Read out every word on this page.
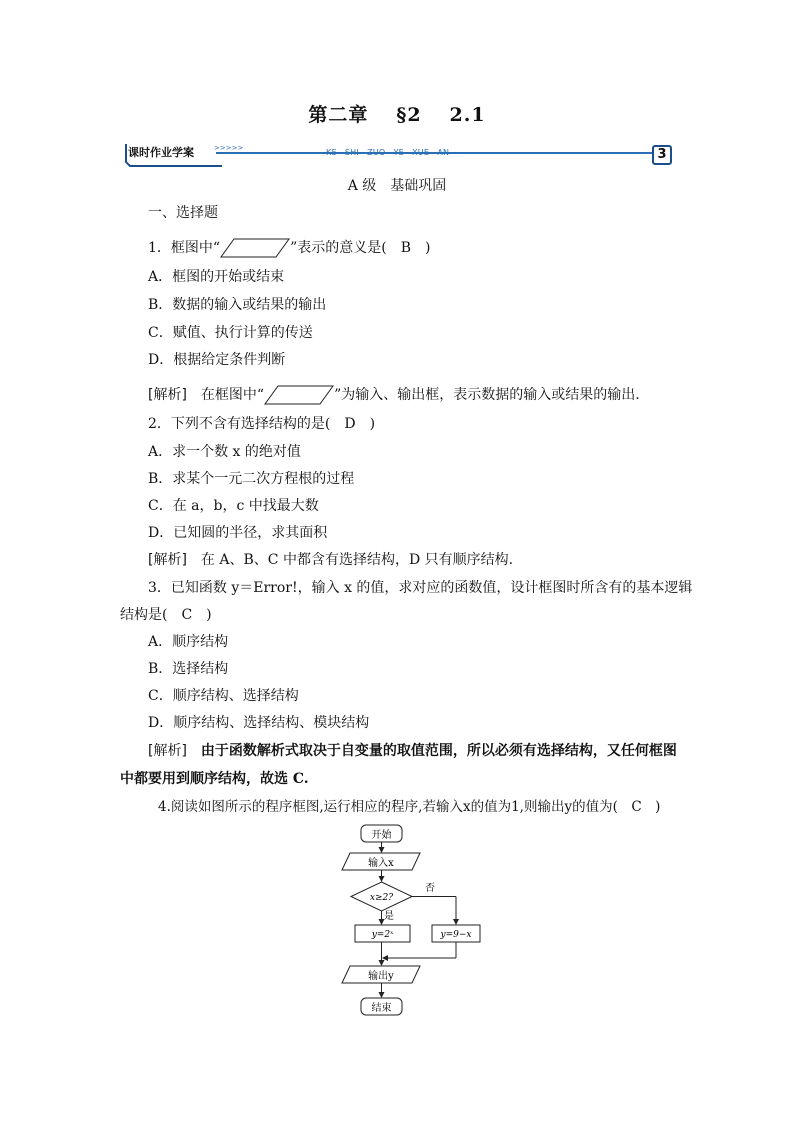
第二章 §2 2.1
课时作业学案	>>>>>	KE—SHI—ZUO—YE—XUE—AN	3
A 级　基础巩固
一、选择题
1．框图中“	”表示的意义是(　B　)
A．框图的开始或结束
B．数据的输入或结果的输出
C．赋值、执行计算的传送
D．根据给定条件判断
[解析]　在框图中“	”为输入、输出框，表示数据的输入或结果的输出.
2．下列不含有选择结构的是(　D　)
A．求一个数 x 的绝对值
B．求某个一元二次方程根的过程
C．在 a，b，c 中找最大数
D．已知圆的半径，求其面积
[解析]　在 A、B、C 中都含有选择结构，D 只有顺序结构.
3．已知函数 y＝Error!，输入 x 的值，求对应的函数值，设计框图时所含有的基本逻辑
结构是(　C　)
A．顺序结构
B．选择结构
C．顺序结构、选择结构
D．顺序结构、选择结构、模块结构
[解析]　由于函数解析式取决于自变量的取值范围，所以必须有选择结构，又任何框图
中都要用到顺序结构，故选 C.
4.阅读如图所示的程序框图,运行相应的程序,若输入x的值为1,则输出y的值为(　C　)
开始
输入x
x≥2?
否
是
y=2ˣ	y=9−x
输出y
结束
